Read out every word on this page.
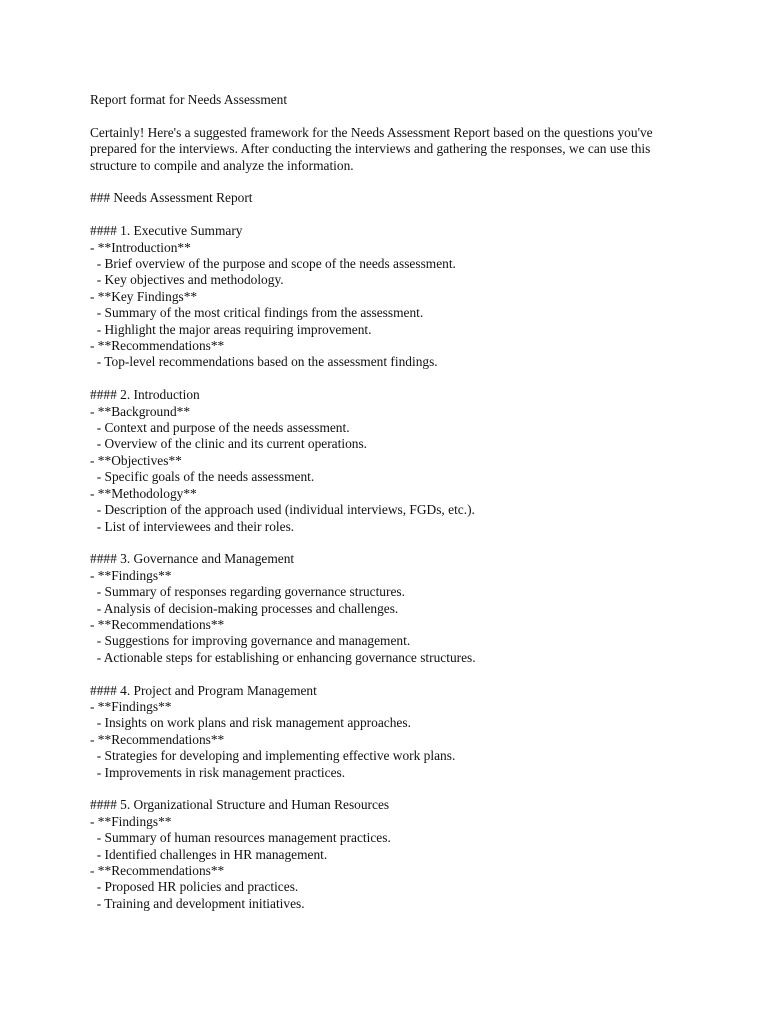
Report format for Needs Assessment
Certainly! Here's a suggested framework for the Needs Assessment Report based on the questions you've
prepared for the interviews. After conducting the interviews and gathering the responses, we can use this
structure to compile and analyze the information.
### Needs Assessment Report
#### 1. Executive Summary
- **Introduction**
- Brief overview of the purpose and scope of the needs assessment.
- Key objectives and methodology.
- **Key Findings**
- Summary of the most critical findings from the assessment.
- Highlight the major areas requiring improvement.
- **Recommendations**
- Top-level recommendations based on the assessment findings.
#### 2. Introduction
- **Background**
- Context and purpose of the needs assessment.
- Overview of the clinic and its current operations.
- **Objectives**
- Specific goals of the needs assessment.
- **Methodology**
- Description of the approach used (individual interviews, FGDs, etc.).
- List of interviewees and their roles.
#### 3. Governance and Management
- **Findings**
- Summary of responses regarding governance structures.
- Analysis of decision-making processes and challenges.
- **Recommendations**
- Suggestions for improving governance and management.
- Actionable steps for establishing or enhancing governance structures.
#### 4. Project and Program Management
- **Findings**
- Insights on work plans and risk management approaches.
- **Recommendations**
- Strategies for developing and implementing effective work plans.
- Improvements in risk management practices.
#### 5. Organizational Structure and Human Resources
- **Findings**
- Summary of human resources management practices.
- Identified challenges in HR management.
- **Recommendations**
- Proposed HR policies and practices.
- Training and development initiatives.
